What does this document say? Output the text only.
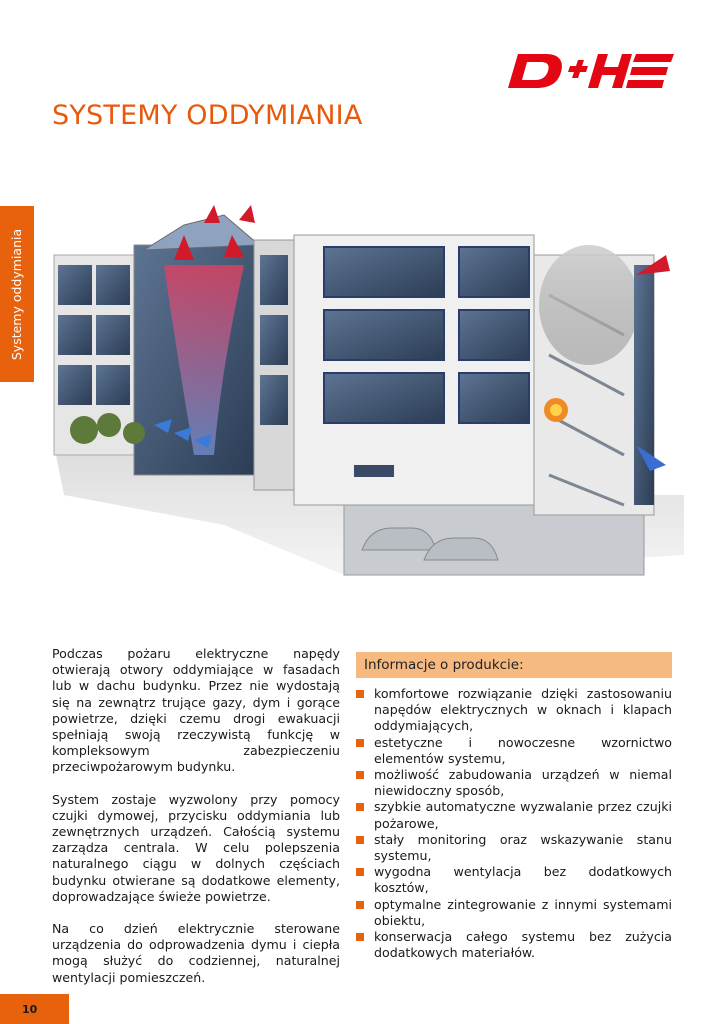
SYSTEMY ODDYMIANIA
Systemy oddymiania

Podczas pożaru elektryczne napędy otwierają otwory oddymiające w fasadach lub w dachu budynku. Przez nie wydostają się na zewnątrz trujące gazy, dym i gorące powietrze, dzięki czemu drogi ewakuacji spełniają swoją rzeczywistą funkcję w kompleksowym zabezpieczeniu przeciwpożarowym budynku.

System zostaje wyzwolony przy pomocy czujki dymowej, przycisku oddymiania lub zewnętrznych urządzeń. Całością systemu zarządza centrala. W celu polepszenia naturalnego ciągu w dolnych częściach budynku otwierane są dodatkowe elementy, doprowadzające świeże powietrze.

Na co dzień elektrycznie sterowane urządzenia do odprowadzenia dymu i ciepła mogą służyć do codziennej, naturalnej wentylacji pomieszczeń.

Informacje o produkcie:
komfortowe rozwiązanie dzięki zastosowaniu napędów elektrycznych w oknach i klapach oddymiających,
estetyczne i nowoczesne wzornictwo elementów systemu,
możliwość zabudowania urządzeń w niemal niewidoczny sposób,
szybkie automatyczne wyzwalanie przez czujki pożarowe,
stały monitoring oraz wskazywanie stanu systemu,
wygodna wentylacja bez dodatkowych kosztów,
optymalne zintegrowanie z innymi systemami obiektu,
konserwacja całego systemu bez zużycia dodatkowych materiałów.
10
